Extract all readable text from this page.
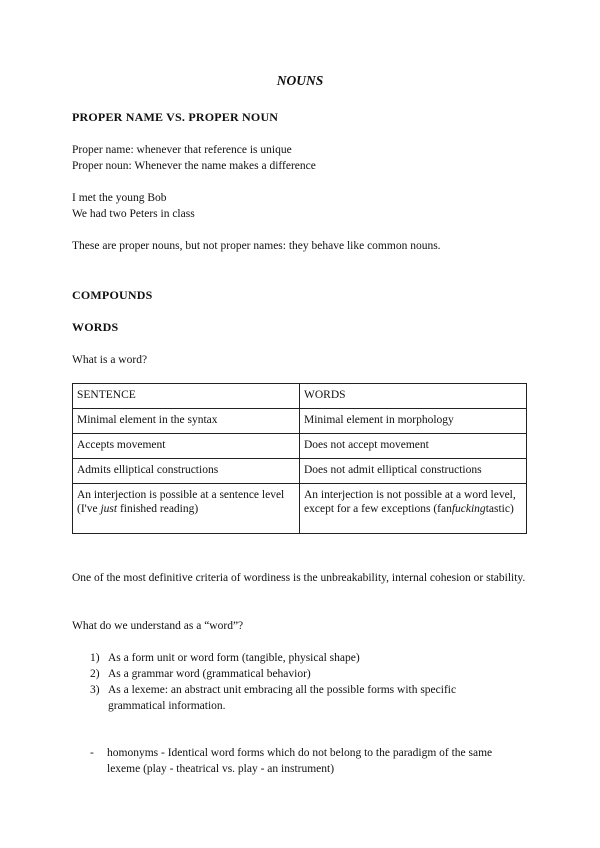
NOUNS
PROPER NAME VS. PROPER NOUN
Proper name: whenever that reference is unique
Proper noun: Whenever the name makes a difference
I met the young Bob
We had two Peters in class
These are proper nouns, but not proper names: they behave like common nouns.
COMPOUNDS
WORDS
What is a word?
SENTENCE	WORDS
Minimal element in the syntax	Minimal element in morphology
Accepts movement	Does not accept movement
Admits elliptical constructions	Does not admit elliptical constructions
An interjection is possible at a sentence level (I've just finished reading)	An interjection is not possible at a word level, except for a few exceptions (fanfuckingtastic)
One of the most definitive criteria of wordiness is the unbreakability, internal cohesion or stability.
What do we understand as a “word”?
1) As a form unit or word form (tangible, physical shape)
2) As a grammar word (grammatical behavior)
3) As a lexeme: an abstract unit embracing all the possible forms with specific
grammatical information.
-	homonyms - Identical word forms which do not belong to the paradigm of the same
lexeme (play - theatrical vs. play - an instrument)
